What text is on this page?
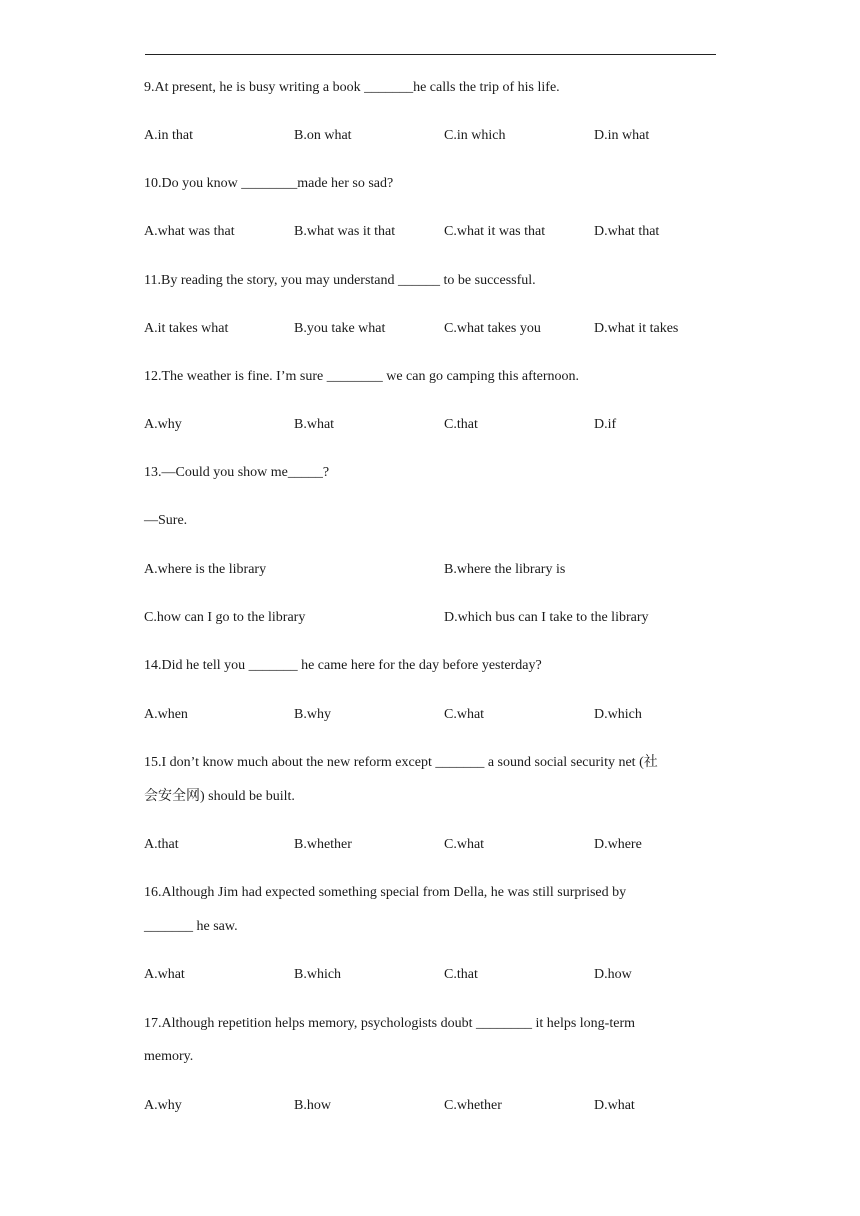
9.At present, he is busy writing a book _______he calls the trip of his life.
A.in that	B.on what	C.in which	D.in what
10.Do you know ________made her so sad?
A.what was that	B.what was it that	C.what it was that	D.what that
11.By reading the story, you may understand ______ to be successful.
A.it takes what	B.you take what	C.what takes you	D.what it takes
12.The weather is fine. I’m sure ________ we can go camping this afternoon.
A.why	B.what	C.that	D.if
13.—Could you show me_____?
—Sure.
A.where is the library	B.where the library is
C.how can I go to the library	D.which bus can I take to the library
14.Did he tell you _______ he came here for the day before yesterday?
A.when	B.why	C.what	D.which
15.I don’t know much about the new reform except _______ a sound social security net (社
会安全网) should be built.
A.that	B.whether	C.what	D.where
16.Although Jim had expected something special from Della, he was still surprised by
_______ he saw.
A.what	B.which	C.that	D.how
17.Although repetition helps memory, psychologists doubt ________ it helps long-term
memory.
A.why	B.how	C.whether	D.what
